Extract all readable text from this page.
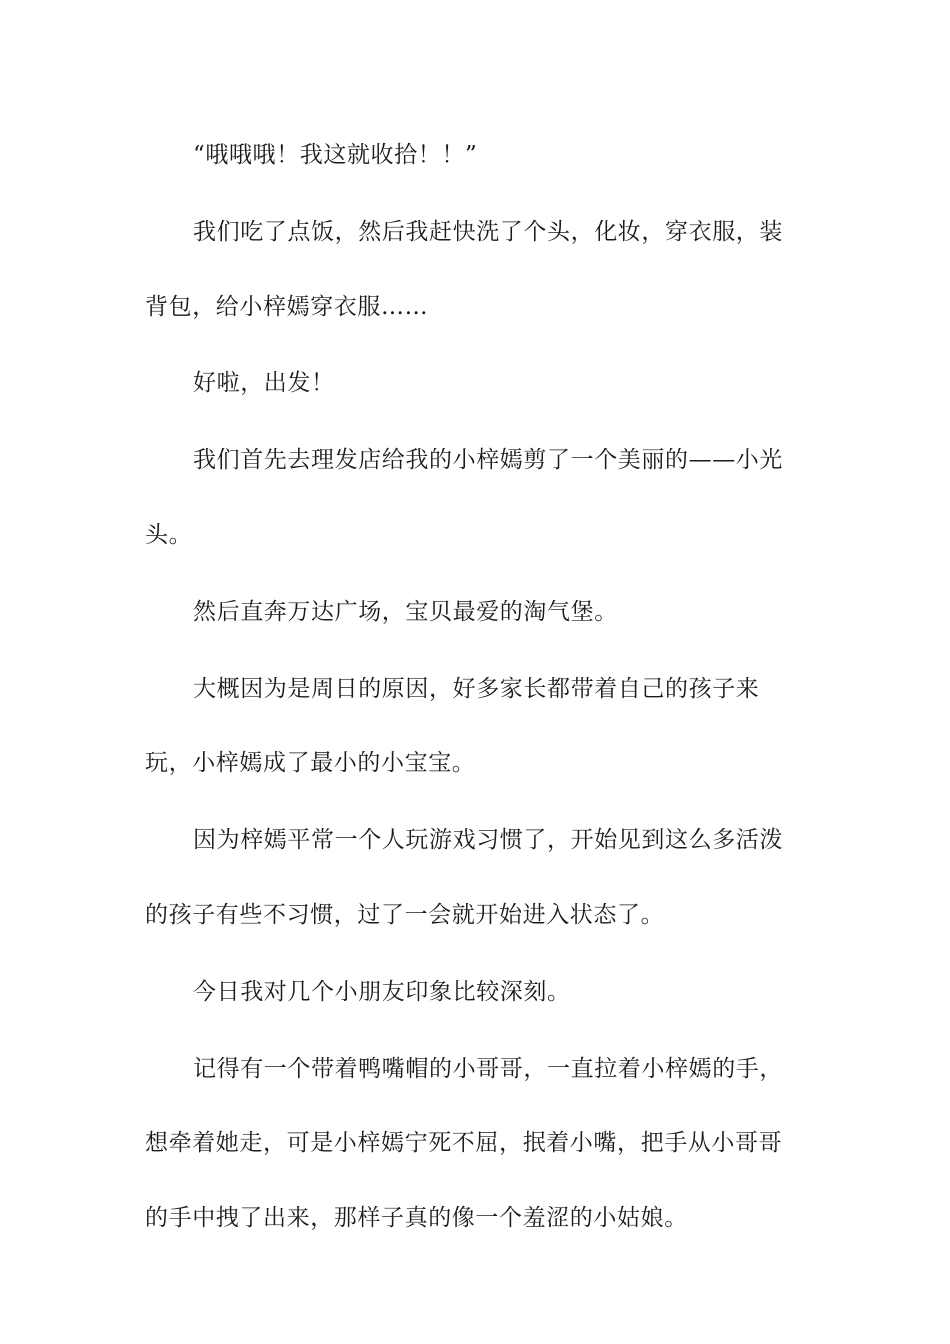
“哦哦哦！我这就收拾！！”

我们吃了点饭，然后我赶快洗了个头，化妆，穿衣服，装背包，给小梓嫣穿衣服……

好啦，出发！

我们首先去理发店给我的小梓嫣剪了一个美丽的——小光头。

然后直奔万达广场，宝贝最爱的淘气堡。

大概因为是周日的原因，好多家长都带着自己的孩子来玩，小梓嫣成了最小的小宝宝。

因为梓嫣平常一个人玩游戏习惯了，开始见到这么多活泼的孩子有些不习惯，过了一会就开始进入状态了。

今日我对几个小朋友印象比较深刻。

记得有一个带着鸭嘴帽的小哥哥，一直拉着小梓嫣的手，想牵着她走，可是小梓嫣宁死不屈，抿着小嘴，把手从小哥哥的手中拽了出来，那样子真的像一个羞涩的小姑娘。
